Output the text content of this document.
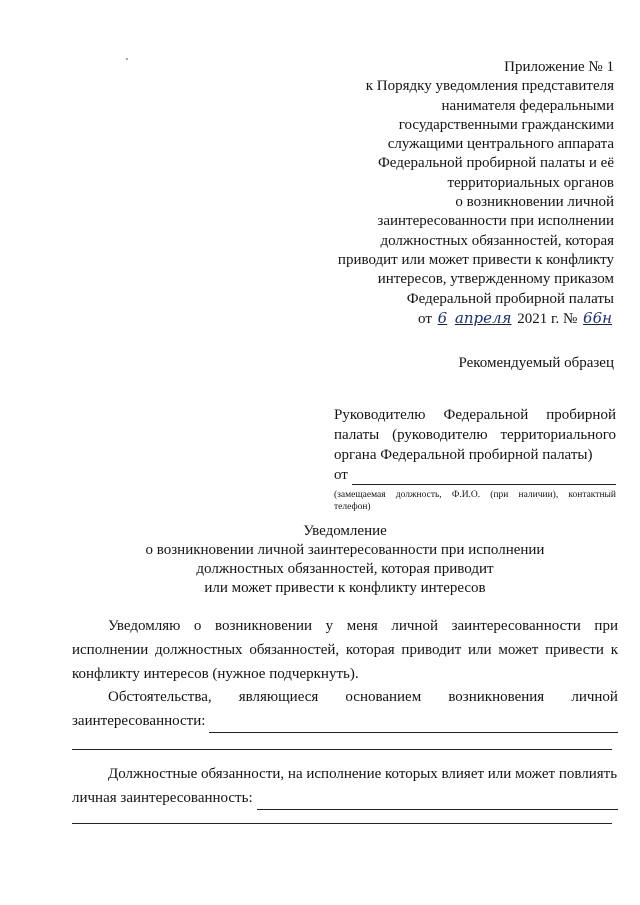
Приложение № 1
к Порядку уведомления представителя
нанимателя федеральными
государственными гражданскими
служащими центрального аппарата
Федеральной пробирной палаты и её
территориальных органов
о возникновении личной
заинтересованности при исполнении
должностных обязанностей, которая
приводит или может привести к конфликту
интересов, утвержденному приказом
Федеральной пробирной палаты
от 6 апреля 2021 г. № 66н
Рекомендуемый образец
Руководителю Федеральной пробирной палаты (руководителю территориального органа Федеральной пробирной палаты)
от
(замещаемая должность, Ф.И.О. (при наличии), контактный телефон)
Уведомление
о возникновении личной заинтересованности при исполнении
должностных обязанностей, которая приводит
или может привести к конфликту интересов
Уведомляю о возникновении у меня личной заинтересованности при исполнении должностных обязанностей, которая приводит или может привести к конфликту интересов (нужное подчеркнуть).
Обстоятельства, являющиеся основанием возникновения личной
заинтересованности:
Должностные обязанности, на исполнение которых влияет или может повлиять
личная заинтересованность:
